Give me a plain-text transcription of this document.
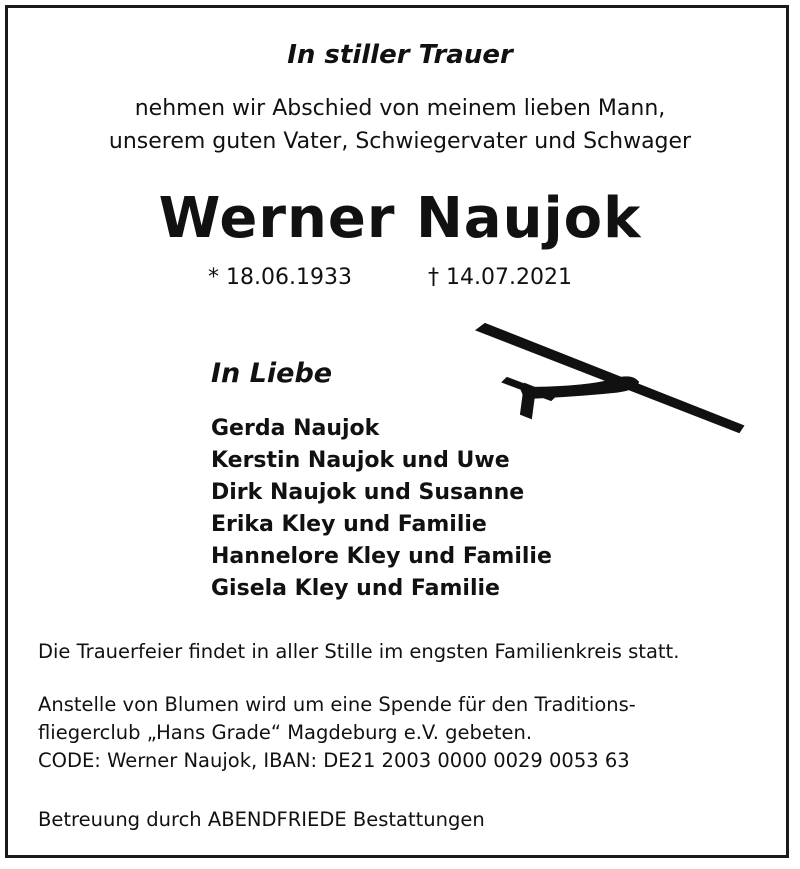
In stiller Trauer
nehmen wir Abschied von meinem lieben Mann,
unserem guten Vater, Schwiegervater und Schwager
Werner Naujok
* 18.06.1933	† 14.07.2021
In Liebe
Gerda Naujok
Kerstin Naujok und Uwe
Dirk Naujok und Susanne
Erika Kley und Familie
Hannelore Kley und Familie
Gisela Kley und Familie
Die Trauerfeier findet in aller Stille im engsten Familienkreis statt.
Anstelle von Blumen wird um eine Spende für den Traditions-
fliegerclub „Hans Grade“ Magdeburg e.V. gebeten.
CODE: Werner Naujok, IBAN: DE21 2003 0000 0029 0053 63
Betreuung durch ABENDFRIEDE Bestattungen
